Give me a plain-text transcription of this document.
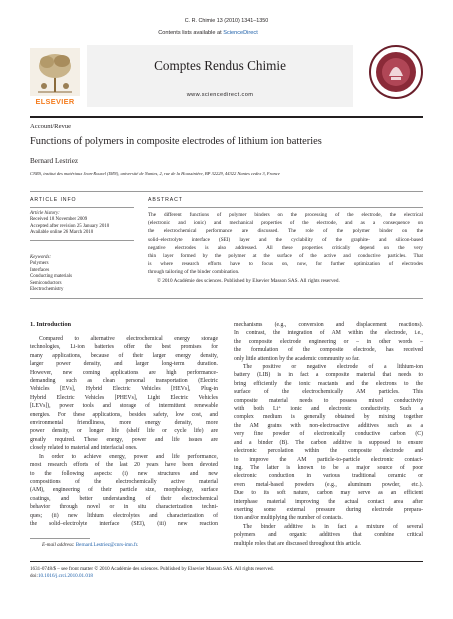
C. R. Chimie 13 (2010) 1341–1350
Contents lists available at ScienceDirect
ELSEVIER
Comptes Rendus Chimie
www.sciencedirect.com
Account/Revue
Functions of polymers in composite electrodes of lithium ion batteries
Bernard Lestriez
CNRS, institut des matériaux Jean-Rouxel (IMN), université de Nantes, 2, rue de la Houssinière, BP 32229, 44322 Nantes cedex 3, France
ARTICLE INFO
Article history:
Received 18 November 2009
Accepted after revision 25 January 2010
Available online 26 March 2010
Keywords:
Polymers
Interfaces
Conducting materials
Semiconductors
Electrochemistry
ABSTRACT
The different functions of polymer binders on the processing of the electrode, the electrical
(electronic and ionic) and mechanical properties of the electrode, and as a consequence on
the electrochemical performance are discussed. The role of the polymer binder on the
solid–electrolyte interface (SEI) layer and the cyclability of the graphite- and silicon-based
negative electrodes is also addressed. All these properties critically depend on the very
thin layer formed by the polymer at the surface of the active and conductive particles. That
is where research efforts have to focus on, now, for further optimization of electrodes
through tailoring of the binder combination.
© 2010 Académie des sciences. Published by Elsevier Masson SAS. All rights reserved.
1. Introduction
Compared to alternative electrochemical energy storage
technologies, Li-ion batteries offer the best promises for
many applications, because of their larger energy density,
larger power density, and larger long-term duration.
However, new coming applications are high performance-
demanding such as clean personal transportation (Electric
Vehicles [EVs], Hybrid Electric Vehicles [HEVs], Plug-in
Hybrid Electric Vehicles [PHEVs], Light Electric Vehicles
[LEVs]), power tools and storage of intermittent renewable
energies. For these applications, besides safety, low cost, and
environmental friendliness, more energy density, more
power density, or longer life (shelf life or cycle life) are
greatly required. These energy, power and life issues are
closely related to material and interfacial ones.
In order to achieve energy, power and life performance,
most research efforts of the last 20 years have been devoted
to the following aspects: (i) new structures and new
compositions of the electrochemically active material
(AM), engineering of their particle size, morphology, surface
coatings, and better understanding of their electrochemical
behavior through novel or in situ characterization techni-
ques; (ii) new lithium electrolytes and characterization of
the solid–electrolyte interface (SEI), (iii) new reaction
mechanisms (e.g., conversion and displacement reactions).
In contrast, the integration of AM within the electrode, i.e.,
the composite electrode engineering or – in other words –
the formulation of the composite electrode, has received
only little attention by the academic community so far.
The positive or negative electrode of a lithium-ion
battery (LIB) is in fact a composite material that needs to
bring efficiently the ionic reactants and the electrons to the
surface of the electrochemically AM particles. This
composite material needs to possess mixed conductivity
with both Li⁺ ionic and electronic conductivity. Such a
complex medium is generally obtained by mixing together
the AM grains with non-electroactive additives such as a
very fine powder of electronically conductive carbon (C)
and a binder (B). The carbon additive is supposed to ensure
electronic percolation within the composite electrode and
to improve the AM particle-to-particle electronic contact-
ing. The latter is known to be a major source of poor
electronic conduction in various traditional ceramic or
even metal-based powders (e.g., aluminum powder, etc.).
Due to its soft nature, carbon may serve as an efficient
interphase material improving the actual contact area after
exerting some external pressure during electrode prepara-
tion and/or multiplying the number of contacts.
The binder additive is in fact a mixture of several
polymers and organic additives that combine critical
multiple roles that are discussed throughout this article.
E-mail address: Bernard.Lestriez@cnrs-imn.fr.
1631-0748/$ – see front matter © 2010 Académie des sciences. Published by Elsevier Masson SAS. All rights reserved.
doi:10.1016/j.crci.2010.01.018
